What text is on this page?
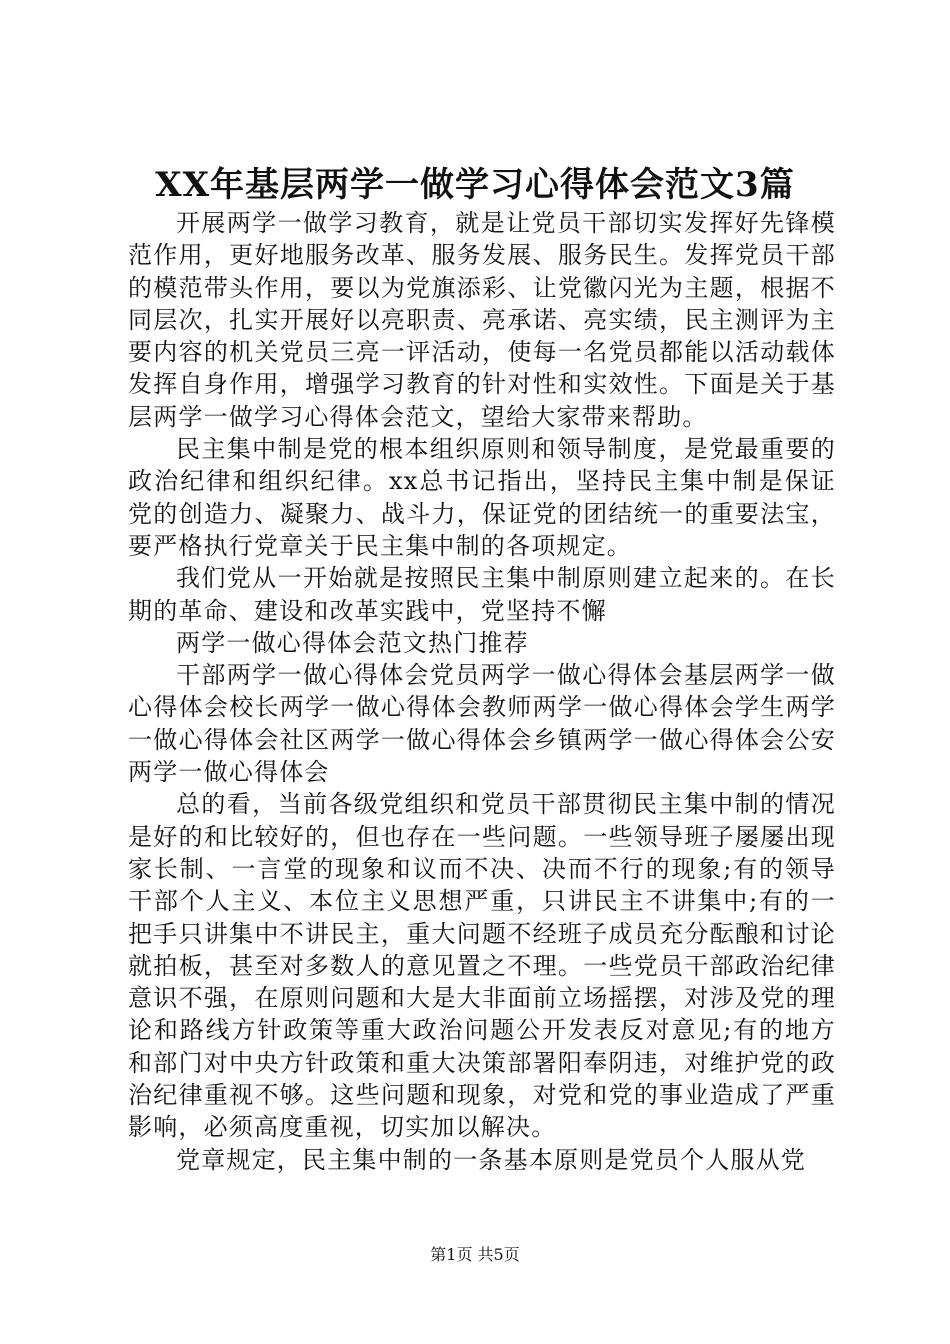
XX年基层两学一做学习心得体会范文3篇

开展两学一做学习教育，就是让党员干部切实发挥好先锋模范作用，更好地服务改革、服务发展、服务民生。发挥党员干部的模范带头作用，要以为党旗添彩、让党徽闪光为主题，根据不同层次，扎实开展好以亮职责、亮承诺、亮实绩，民主测评为主要内容的机关党员三亮一评活动，使每一名党员都能以活动载体发挥自身作用，增强学习教育的针对性和实效性。下面是关于基层两学一做学习心得体会范文，望给大家带来帮助。

民主集中制是党的根本组织原则和领导制度，是党最重要的政治纪律和组织纪律。xx总书记指出，坚持民主集中制是保证党的创造力、凝聚力、战斗力，保证党的团结统一的重要法宝，要严格执行党章关于民主集中制的各项规定。

我们党从一开始就是按照民主集中制原则建立起来的。在长期的革命、建设和改革实践中，党坚持不懈

两学一做心得体会范文热门推荐

干部两学一做心得体会党员两学一做心得体会基层两学一做心得体会校长两学一做心得体会教师两学一做心得体会学生两学一做心得体会社区两学一做心得体会乡镇两学一做心得体会公安两学一做心得体会

总的看，当前各级党组织和党员干部贯彻民主集中制的情况是好的和比较好的，但也存在一些问题。一些领导班子屡屡出现家长制、一言堂的现象和议而不决、决而不行的现象;有的领导干部个人主义、本位主义思想严重，只讲民主不讲集中;有的一把手只讲集中不讲民主，重大问题不经班子成员充分酝酿和讨论就拍板，甚至对多数人的意见置之不理。一些党员干部政治纪律意识不强，在原则问题和大是大非面前立场摇摆，对涉及党的理论和路线方针政策等重大政治问题公开发表反对意见;有的地方和部门对中央方针政策和重大决策部署阳奉阴违，对维护党的政治纪律重视不够。这些问题和现象，对党和党的事业造成了严重影响，必须高度重视，切实加以解决。

党章规定，民主集中制的一条基本原则是党员个人服从党

第1页 共5页
